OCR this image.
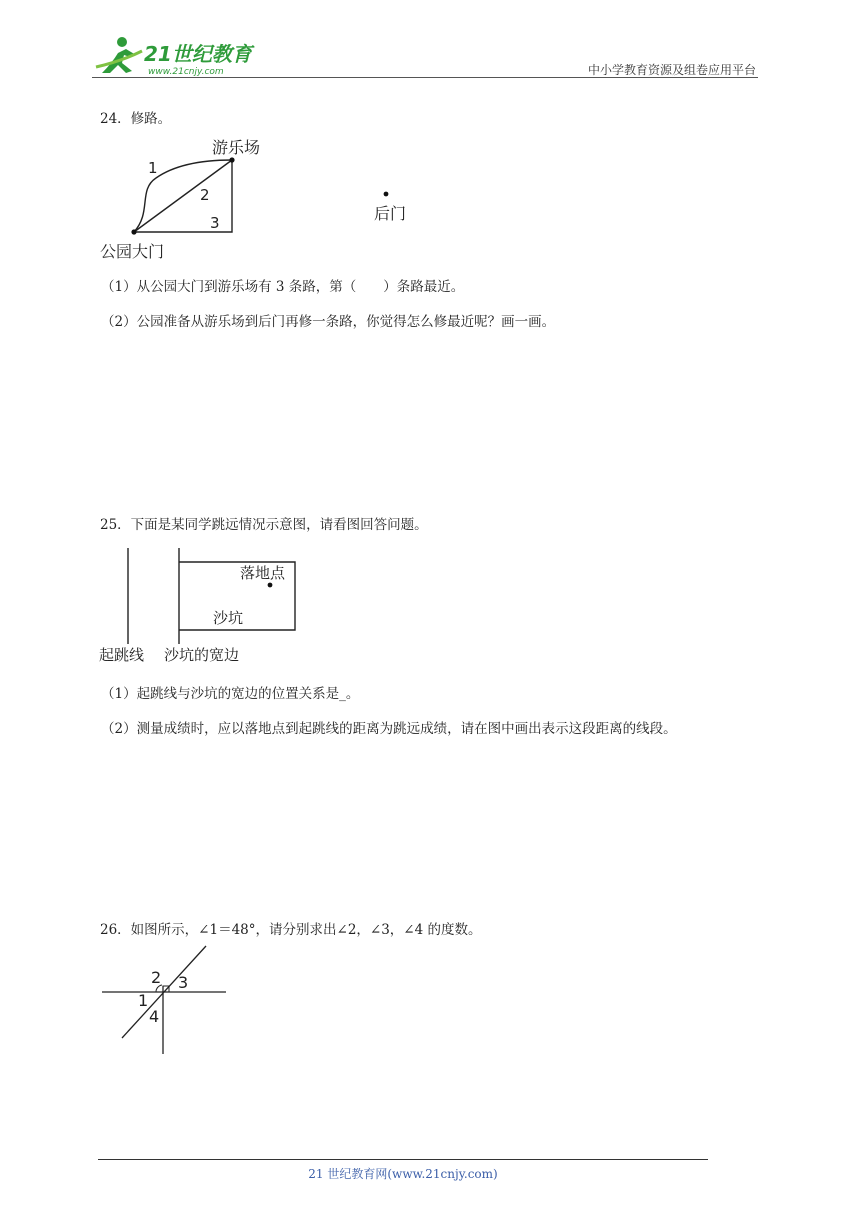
21世纪教育
www.21cnjy.com	中小学教育资源及组卷应用平台
24．修路。
游乐场
1
2
3	后门
公园大门
（1）从公园大门到游乐场有 3 条路，第（　　）条路最近。
（2）公园准备从游乐场到后门再修一条路，你觉得怎么修最近呢？画一画。
25．下面是某同学跳远情况示意图，请看图回答问题。
落地点
沙坑
起跳线 沙坑的宽边
（1）起跳线与沙坑的宽边的位置关系是_。
（2）测量成绩时，应以落地点到起跳线的距离为跳远成绩，请在图中画出表示这段距离的线段。
26．如图所示，∠1＝48°，请分别求出∠2，∠3，∠4 的度数。
2 3
1
4
21 世纪教育网(www.21cnjy.com)
